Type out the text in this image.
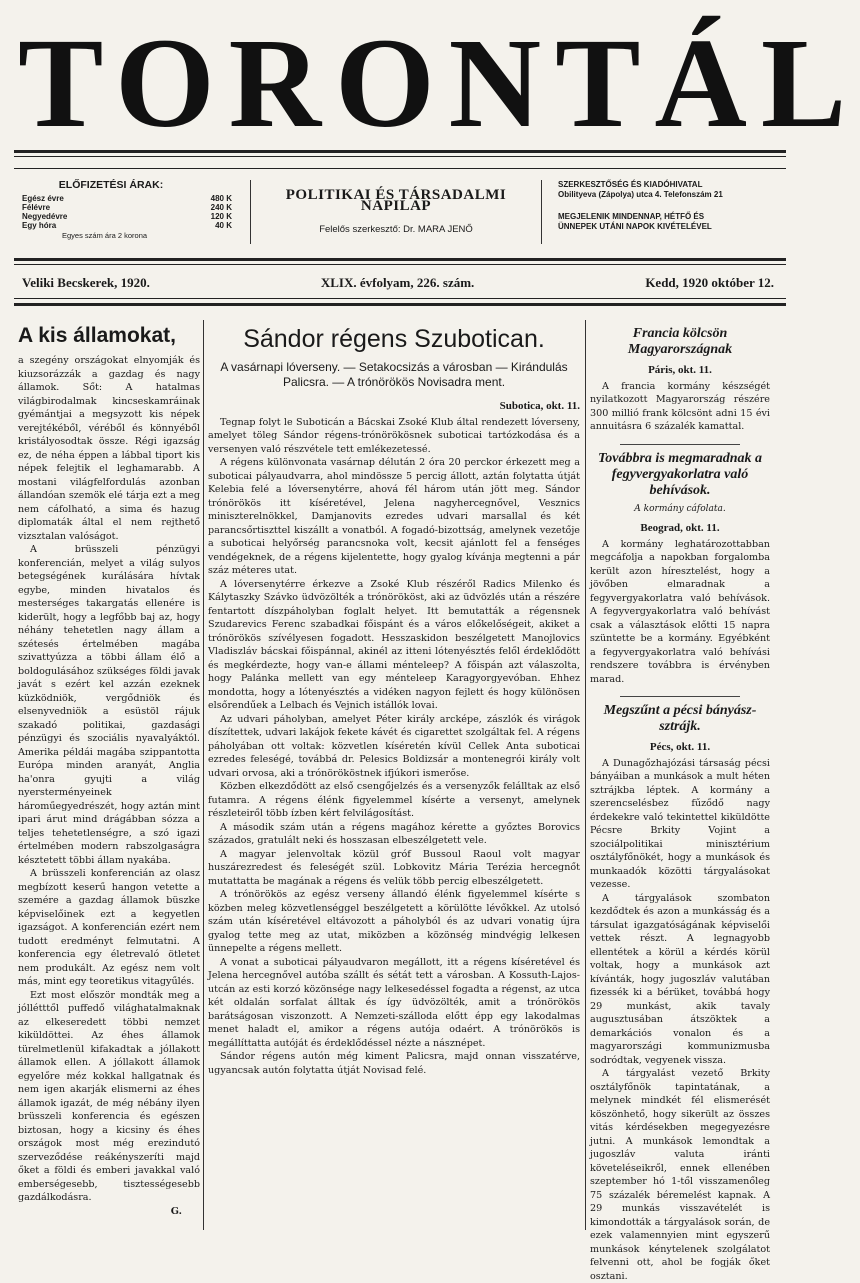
TORONTÁL
ELŐFIZETÉSI ÁRAK:
Egész évre	480 K
Félévre	240 K
Negyedévre	120 K
Egy hóra	40 K
Egyes szám ára 2 korona
POLITIKAI ÉS TÁRSADALMI NAPILAP
Felelős szerkesztő: Dr. MARA JENŐ
SZERKESZTŐSÉG ÉS KIADÓHIVATAL
Obilityeva (Zápolya) utca 4. Telefonszám 21
MEGJELENIK MINDENNAP, HÉTFŐ ÉS
ÜNNEPEK UTÁNI NAPOK KIVÉTELÉVEL
Veliki Becskerek, 1920.	XLIX. évfolyam, 226. szám.	Kedd, 1920 október 12.
A kis államokat,

a szegény országokat elnyomják és kiuzsorázzák a gazdag és nagy államok. Sőt: A hatalmas világbirodalmak kincseskamráinak gyémántjai a megsyzott kis népek verejtékéből, véréből és könnyéből kristályosodtak össze. Régi igazság ez, de néha éppen a lábbal tiport kis népek felejtik el leghamarabb. A mostani világfelfordulás azonban állandóan szemök elé tárja ezt a meg nem cáfolható, a sima és hazug diplomaták által el nem rejthető vizsztalan valóságot.

A brüsszeli pénzügyi konferencián, melyet a világ sulyos betegségének kurálására hívtak egybe, minden hivatalos és mesterséges takargatás ellenére is kiderült, hogy a legfőbb baj az, hogy néhány tehetetlen nagy állam a szétesés értelmében magába szivattyúzza a többi állam élő a boldogulásához szükséges földi javak javát s ezért kel azzán ezeknek küzködniök, vergődniök és elsenyvedniök a esüstöl rájuk szakadó politikai, gazdasági pénzügyi és szociális nyavalyáktól. Amerika példái magába szippantotta Európa minden aranyát, Anglia ha'onra gyujti a világ nyersterményeinek hároműegyedrészét, hogy aztán mint ipari árut mind drágábban sózza a teljes tehetetlenségre, a szó igazi értelmében modern rabszolgaságra késztetett többi állam nyakába.

A brüsszeli konferencián az olasz megbízott keserű hangon vetette a szemére a gazdag államok büszke képviselőinek ezt a kegyetlen igazságot. A konferencián ezért nem tudott eredményt felmutatni. A konferencia egy életrevaló ötletet nem produkált. Az egész nem volt más, mint egy teoretikus vitagyűlés.

Ezt most először mondták meg a jóllétttől puffedő világhatalmaknak az elkeseredett többi nemzet kiküldöttei. Az éhes államok türelmetlenül kifakadtak a jóllakott államok ellen. A jóllakott államok egyelőre méz kokkal hallgatnak és nem igen akarják elismerni az éhes államok igazát, de még nébány ilyen brüsszeli konferencia és egészen biztosan, hogy a kicsiny és éhes országok most még erezindutó szerveződése reákényszeríti majd őket a földi és emberi javakkal való emberségesebb, tisztességesebb gazdálkodásra.

G.
Sándor régens Szubotican.
A vasárnapi lóverseny. — Setakocsizás a városban — Kirándulás Palicsra. — A trónörökös Novisadra ment.
Subotica, okt. 11.

Tegnap folyt le Suboticán a Bácskai Zsoké Klub által rendezett lóverseny, amelyet töleg Sándor régens-trónörökösnek suboticai tartózkodása és a versenyen való részvétele tett emlékezetessé.

A régens különvonata vasárnap délután 2 óra 20 perckor érkezett meg a suboticai pályaudvarra, ahol mindössze 5 percig állott, aztán folytatta útját Kelebia felé a lóversenytérre, ahová fél három után jött meg. Sándor trónörökös itt kíséretével, Jelena nagyhercegnővel, Vesznics miniszterelnökkel, Damjanovits ezredes udvari marsallal és két parancsőrtiszttel kiszállt a vonatból. A fogadó-bizottság, amelynek vezetője a suboticai helyőrség parancsnoka volt, kecsit ajánlott fel a fenséges vendégeknek, de a régens kijelentette, hogy gyalog kívánja megtenni a pár száz méteres utat.

A lóversenytérre érkezve a Zsoké Klub részéről Radics Milenko és Kálytaszky Szávko üdvözölték a trónörököst, aki az üdvözlés után a részére fentartott díszpáholyban foglalt helyet. Itt bemutatták a régensnek Szudarevics Ferenc szabadkai főispánt és a város előkelőségeit, akiket a trónörökös szívélyesen fogadott. Hesszaskidon beszélgetett Manojlovics Vladiszláv bácskai főispánnal, akinél az itteni lótenyésztés felől érdeklődött és megkérdezte, hogy van-e állami ménteleep? A főispán azt válaszolta, hogy Palánka mellett van egy ménteleep Karagyorgyevóban. Ehhez mondotta, hogy a lótenyésztés a vidéken nagyon fejlett és hogy különösen elsőrendűek a Lelbach és Vejnich istállók lovai.

Az udvari páholyban, amelyet Péter király arcképe, zászlók és virágok díszítettek, udvari lakájok fekete kávét és cigarettet szolgáltak fel. A régens páholyában ott voltak: közvetlen kíséretén kívül Cellek Anta suboticai ezredes feleségé, továbbá dr. Pelesics Boldizsár a montenegrói király volt udvari orvosa, aki a trónörököstnek ifjúkori ismerőse.

Közben elkezdődött az első csengőjelzés és a versenyzők felálltak az első futamra. A régens élénk figyelemmel kísérte a versenyt, amelynek részleteiről több ízben kért felvilágosítást.

A második szám után a régens magához kérette a győztes Borovics százados, gratulált neki és hosszasan elbeszélgetett vele.

A magyar jelenvoltak közül gróf Bussoul Raoul volt magyar huszárezredest és feleségét szül. Lobkovitz Mária Terézia hercegnőt mutattatta be magának a régens és velük több percig elbeszélgetett.

A trónörökös az egész verseny állandó élénk figyelemmel kísérte s közben meleg közvetlenséggel beszélgetett a körülötte lévőkkel. Az utolsó szám után kíséretével eltávozott a páholyból és az udvari vonatig újra gyalog tette meg az utat, miközben a közönség mindvégig lelkesen ünnepelte a régens mellett.

A vonat a suboticai pályaudvaron megállott, itt a régens kíséretével és Jelena hercegnővel autóba szállt és sétát tett a városban. A Kossuth-Lajos-utcán az esti korzó közönsége nagy lelkesedéssel fogadta a régenst, az utca két oldalán sorfalat álltak és így üdvözölték, amit a trónörökös barátságosan viszonzott. A Nemzeti-szálloda előtt épp egy lakodalmas menet haladt el, amikor a régens autója odaért. A trónörökös is megállíttatta autóját és érdeklődéssel nézte a násznépet.

Sándor régens autón még kiment Palicsra, majd onnan visszatérve, ugyancsak autón folytatta útját Novisad felé.

Francia kölcsön Magyarországnak
Páris, okt. 11.

A francia kormány készségét nyilatkozott Magyarország részére 300 millió frank kölcsönt adni 15 évi annuitásra 6 százalék kamattal.

Továbbra is megmaradnak a fegyvergyakorlatra való behívások.
A kormány cáfolata.
Beograd, okt. 11.

A kormány leghatározottabban megcáfolja a napokban forgalomba került azon híresztelést, hogy a jövőben elmaradnak a fegyvergyakorlatra való behívások. A fegyvergyakorlatra való behívást csak a választások előtti 15 napra szüntette be a kormány. Egyébként a fegyvergyakorlatra való behívási rendszere továbbra is érvényben marad.

Megszűnt a pécsi bányász-sztrájk.
Pécs, okt. 11.

A Dunagőzhajózási társaság pécsi bányáiban a munkások a mult héten sztrájkba léptek. A kormány a szerencselésbez fűződő nagy érdekekre való tekintettel kiküldötte Pécsre Brkity Vojint a szociálpolitikai minisztérium osztályfőnökét, hogy a munkások és munkaadók közötti tárgyalásokat vezesse.

A tárgyalások szombaton kezdődtek és azon a munkásság és a társulat igazgatóságának képviselői vettek részt. A legnagyobb ellentétek a körül a kérdés körül voltak, hogy a munkások azt kívánták, hogy jugoszláv valutában fizessék ki a bérüket, továbbá hogy 29 munkást, akik tavaly augusztusában átszöktek a demarkációs vonalon és a magyarországi kommunizmusba sodródtak, vegyenek vissza.

A tárgyalást vezető Brkity osztályfőnök tapintatának, a melynek mindkét fél elismerését köszönhető, hogy sikerült az összes vitás kérdésekben megegyezésre jutni. A munkások lemondtak a jugoszláv valuta iránti követeléseikről, ennek ellenében szeptember hó 1-től visszamenőleg 75 százalék béremelést kapnak. A 29 munkás visszavételét is kimondották a tárgyalások során, de ezek valamennyien mint egyszerű munkások kénytelenek szolgálatot felvenni ott, ahol be fogják őket osztani.
